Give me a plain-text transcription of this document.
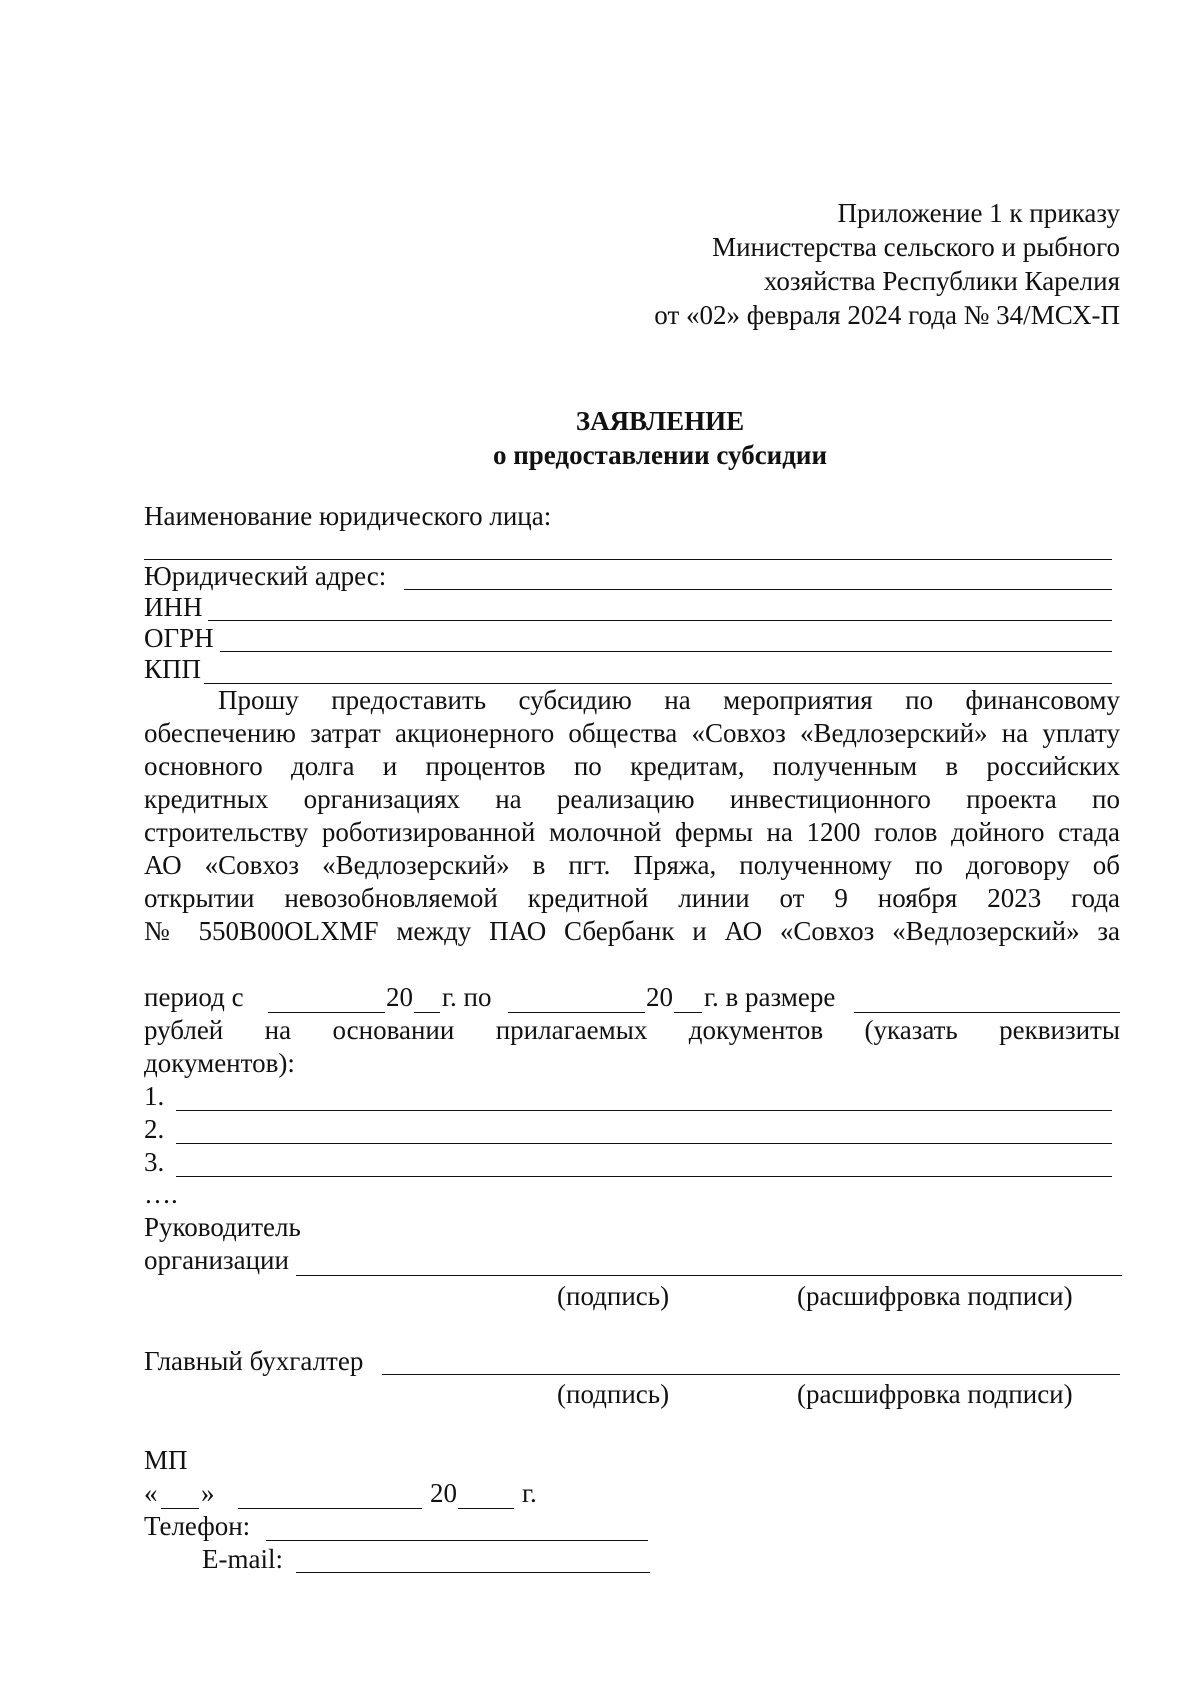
Приложение 1 к приказу
Министерства сельского и рыбного
хозяйства Республики Карелия
от «02» февраля 2024 года № 34/МСХ-П
ЗАЯВЛЕНИЕ
о предоставлении субсидии
Наименование юридического лица:
Юридический адрес:
ИНН
ОГРН
КПП
Прошу предоставить субсидию на мероприятия по финансовому
обеспечению затрат акционерного общества «Совхоз «Ведлозерский» на уплату
основного долга и процентов по кредитам, полученным в российских
кредитных организациях на реализацию инвестиционного проекта по
строительству роботизированной молочной фермы на 1200 голов дойного стада
АО «Совхоз «Ведлозерский» в пгт. Пряжа, полученному по договору об
открытии невозобновляемой кредитной линии от 9 ноября 2023 года
№ 550B00OLXMF между ПАО Сбербанк и АО «Совхоз «Ведлозерский» за
период с	20 г. по	20 г. в размере
рублей на основании прилагаемых документов (указать реквизиты
документов):
1.
2.
3.
….
Руководитель
организации
(подпись)	(расшифровка подписи)
Главный бухгалтер
(подпись)	(расшифровка подписи)
МП
« »	20 г.
Телефон:
E-mail:
